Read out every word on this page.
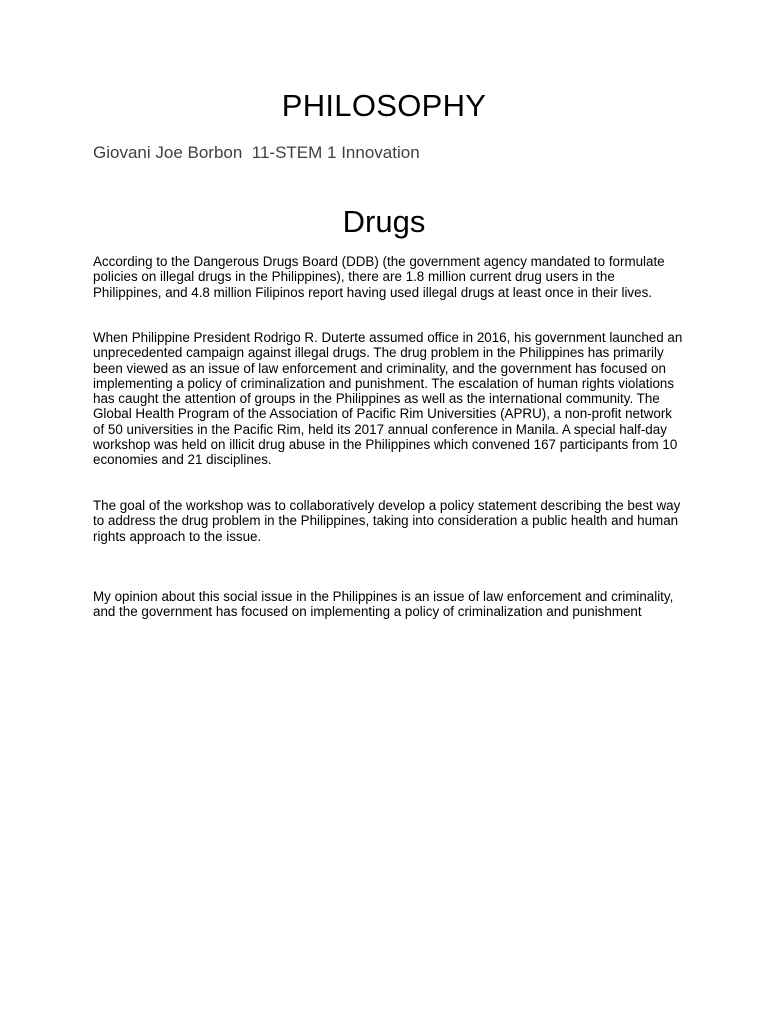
PHILOSOPHY

Giovani Joe Borbon  11-STEM 1 Innovation

Drugs

According to the Dangerous Drugs Board (DDB) (the government agency mandated to formulate policies on illegal drugs in the Philippines), there are 1.8 million current drug users in the Philippines, and 4.8 million Filipinos report having used illegal drugs at least once in their lives.

When Philippine President Rodrigo R. Duterte assumed office in 2016, his government launched an unprecedented campaign against illegal drugs. The drug problem in the Philippines has primarily been viewed as an issue of law enforcement and criminality, and the government has focused on implementing a policy of criminalization and punishment. The escalation of human rights violations has caught the attention of groups in the Philippines as well as the international community. The Global Health Program of the Association of Pacific Rim Universities (APRU), a non-profit network of 50 universities in the Pacific Rim, held its 2017 annual conference in Manila. A special half-day workshop was held on illicit drug abuse in the Philippines which convened 167 participants from 10 economies and 21 disciplines.

The goal of the workshop was to collaboratively develop a policy statement describing the best way to address the drug problem in the Philippines, taking into consideration a public health and human rights approach to the issue.

My opinion about this social issue in the Philippines is an issue of law enforcement and criminality, and the government has focused on implementing a policy of criminalization and punishment
